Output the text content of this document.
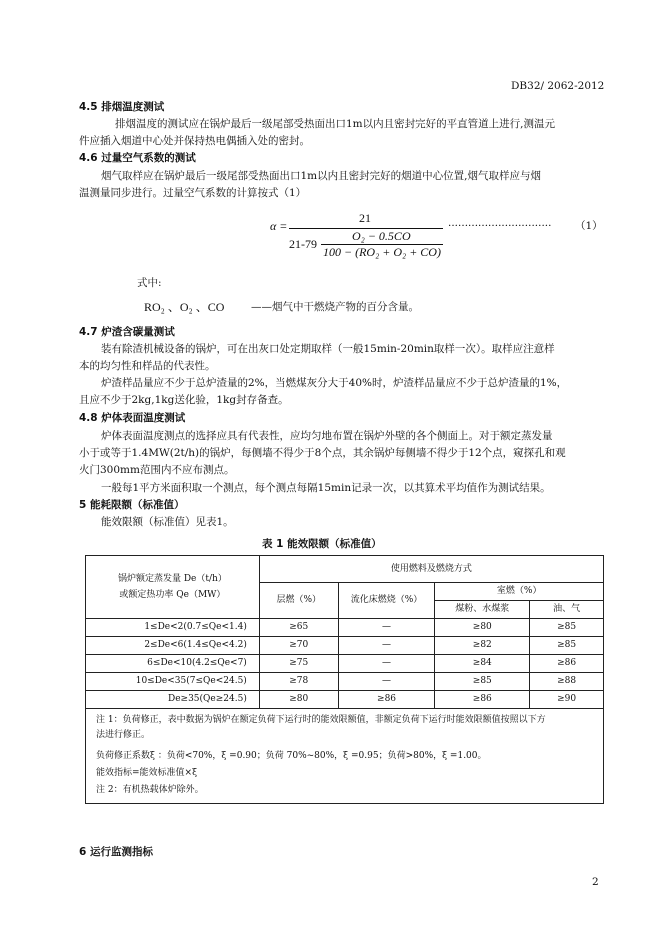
DB32/ 2062-2012
4.5 排烟温度测试
排烟温度的测试应在锅炉最后一级尾部受热面出口1m以内且密封完好的平直管道上进行,测温元
件应插入烟道中心处并保持热电偶插入处的密封。
4.6 过量空气系数的测试
烟气取样应在锅炉最后一级尾部受热面出口1m以内且密封完好的烟道中心位置,烟气取样应与烟
温测量同步进行。过量空气系数的计算按式（1）
α =
21
21-79
O₂ − 0.5CO
100 − (RO₂ + O₂ + CO)
······························· （1）
式中:
RO₂ 、O₂ 、CO	——烟气中干燃烧产物的百分含量。
4.7 炉渣含碳量测试
装有除渣机械设备的锅炉，可在出灰口处定期取样（一般15min-20min取样一次）。取样应注意样
本的均匀性和样品的代表性。
炉渣样品量应不少于总炉渣量的2%，当燃煤灰分大于40%时，炉渣样品量应不少于总炉渣量的1%，
且应不少于2kg,1kg送化验，1kg封存备查。
4.8 炉体表面温度测试
炉体表面温度测点的选择应具有代表性，应均匀地布置在锅炉外壁的各个侧面上。对于额定蒸发量
小于或等于1.4MW(2t/h)的锅炉，每侧墙不得少于8个点，其余锅炉每侧墙不得少于12个点，窥探孔和观
火门300mm范围内不应布测点。
一般每1平方米面积取一个测点，每个测点每隔15min记录一次，以其算术平均值作为测试结果。
5 能耗限额（标准值）
能效限额（标准值）见表1。
表 1 能效限额（标准值）
锅炉额定蒸发量 De（t/h）
或额定热功率 Qe（MW）	使用燃料及燃烧方式			
	层燃（%）	流化床燃烧（%）	室燃（%）	
			煤粉、水煤浆	油、气
1≤De<2(0.7≤Qe<1.4)	≥65	—	≥80	≥85
2≤De<6(1.4≤Qe<4.2)	≥70	—	≥82	≥85
6≤De<10(4.2≤Qe<7)	≥75	—	≥84	≥86
10≤De<35(7≤Qe<24.5)	≥78	—	≥85	≥88
De≥35(Qe≥24.5)	≥80	≥86	≥86	≥90

注 1：负荷修正，表中数据为锅炉在额定负荷下运行时的能效限额值，非额定负荷下运行时能效限额值按照以下方
法进行修正。
负荷修正系数ξ ：负荷<70%，ξ =0.90；负荷 70%~80%，ξ =0.95；负荷>80%，ξ =1.00。
能效指标=能效标准值×ξ
注 2：有机热载体炉除外。				
6 运行监测指标
2
